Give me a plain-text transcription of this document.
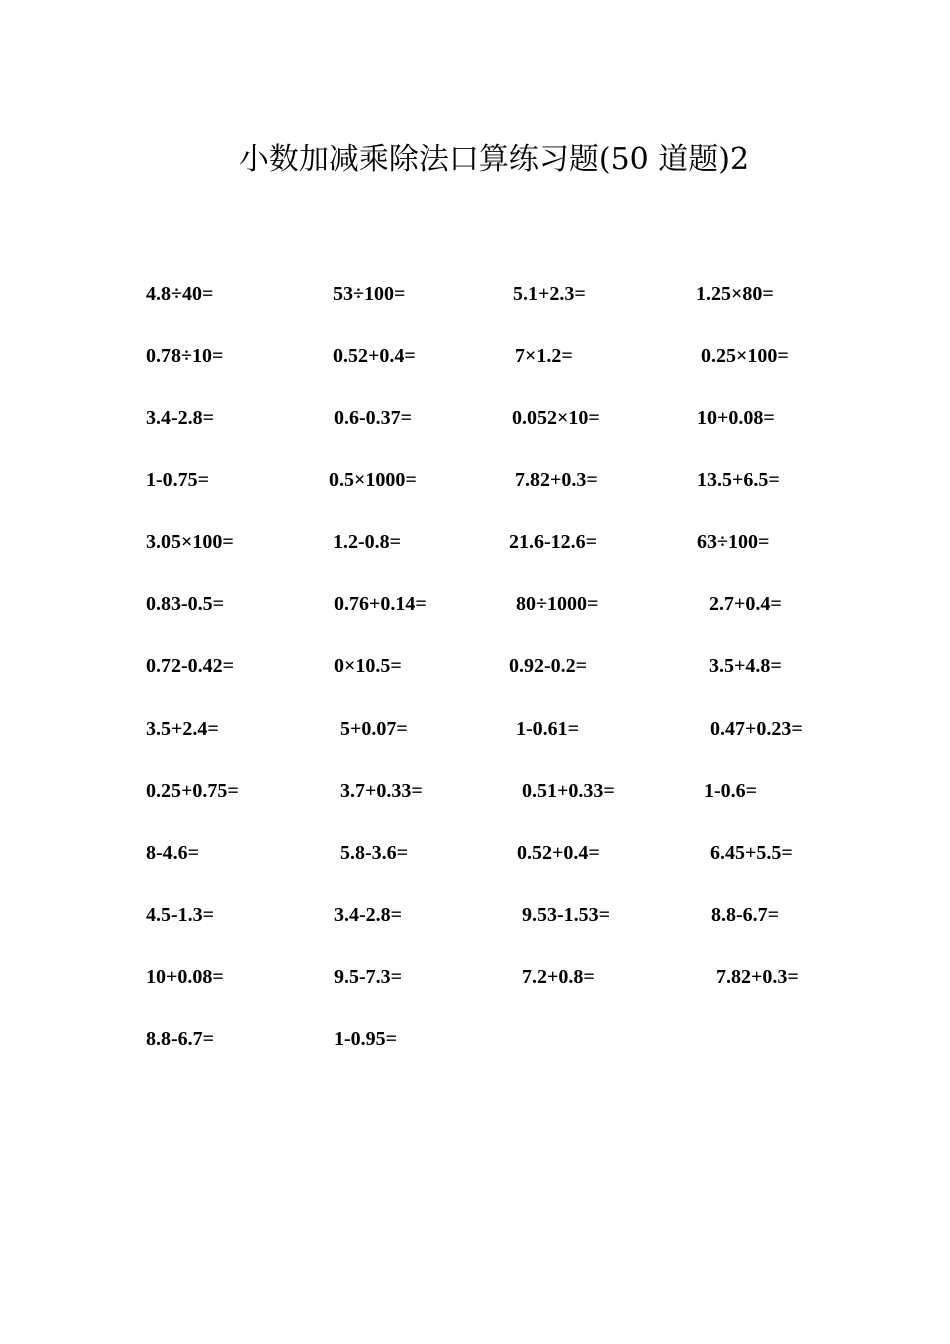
小数加减乘除法口算练习题(50 道题)2
4.8÷40=	53÷100=	5.1+2.3=	1.25×80=
0.78÷10=	0.52+0.4=	7×1.2=	0.25×100=
3.4-2.8=	0.6-0.37=	0.052×10=	10+0.08=
1-0.75=	0.5×1000=	7.82+0.3=	13.5+6.5=
3.05×100=	1.2-0.8=	21.6-12.6=	63÷100=
0.83-0.5=	0.76+0.14=	80÷1000=	2.7+0.4=
0.72-0.42=	0×10.5=	0.92-0.2=	3.5+4.8=
3.5+2.4=	5+0.07=	1-0.61=	0.47+0.23=
0.25+0.75=	3.7+0.33=	0.51+0.33=	1-0.6=
8-4.6=	5.8-3.6=	0.52+0.4=	6.45+5.5=
4.5-1.3=	3.4-2.8=	9.53-1.53=	8.8-6.7=
10+0.08=	9.5-7.3=	7.2+0.8=	7.82+0.3=
8.8-6.7=	1-0.95=
